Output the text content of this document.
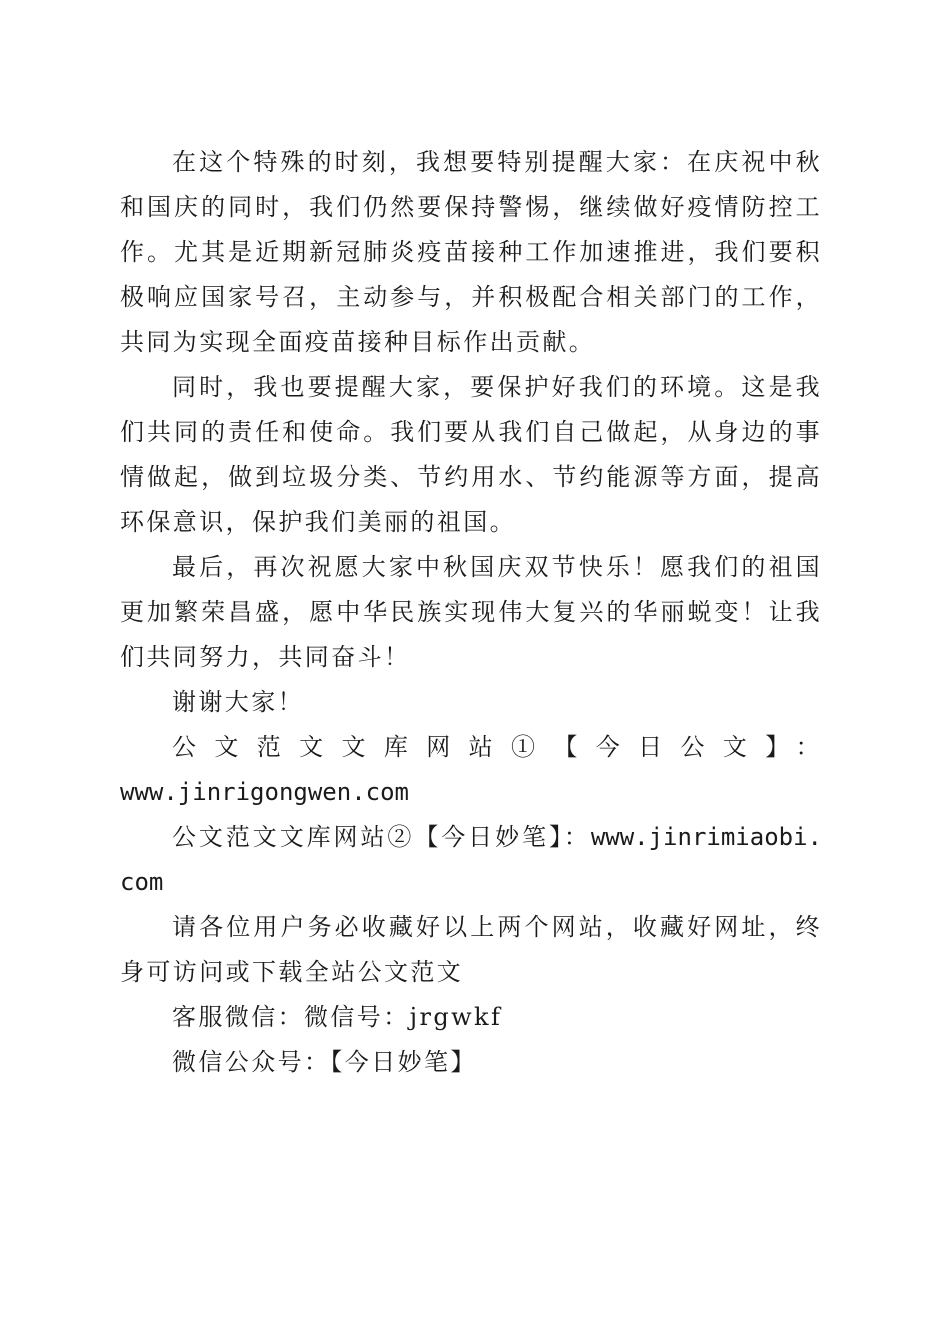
在这个特殊的时刻，我想要特别提醒大家：在庆祝中秋和国庆的同时，我们仍然要保持警惕，继续做好疫情防控工作。尤其是近期新冠肺炎疫苗接种工作加速推进，我们要积极响应国家号召，主动参与，并积极配合相关部门的工作，共同为实现全面疫苗接种目标作出贡献。

同时，我也要提醒大家，要保护好我们的环境。这是我们共同的责任和使命。我们要从我们自己做起，从身边的事情做起，做到垃圾分类、节约用水、节约能源等方面，提高环保意识，保护我们美丽的祖国。

最后，再次祝愿大家中秋国庆双节快乐！愿我们的祖国更加繁荣昌盛，愿中华民族实现伟大复兴的华丽蜕变！让我们共同努力，共同奋斗！

谢谢大家！

公文范文文库网站①【今日公文】：

www.jinrigongwen.com

公文范文文库网站②【今日妙笔】：www.jinrimiaobi.com

请各位用户务必收藏好以上两个网站，收藏好网址，终身可访问或下载全站公文范文

客服微信：微信号：jrgwkf

微信公众号：【今日妙笔】
